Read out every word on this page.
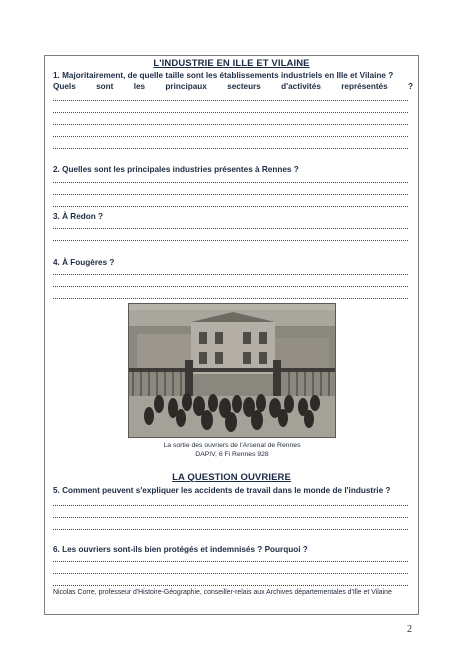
L'INDUSTRIE EN ILLE ET VILAINE
1. Majoritairement, de quelle taille sont les établissements industriels en Ille et Vilaine ?
Quels sont les principaux secteurs d'activités représentés ?
2. Quelles sont les principales industries présentes à Rennes ?
3. À Redon ?
4. À Fougères ?
La sortie des ouvriers de l'Arsenal de Rennes
DAPIV, 6 Fi Rennes 928
LA QUESTION OUVRIERE
5. Comment peuvent s'expliquer les accidents de travail dans le monde de l'industrie ?
6. Les ouvriers sont-ils bien protégés et indemnisés ? Pourquoi ?
Nicolas Corre, professeur d'Histoire-Géographie, conseiller-relais aux Archives départementales d'Ille et Vilaine
2
